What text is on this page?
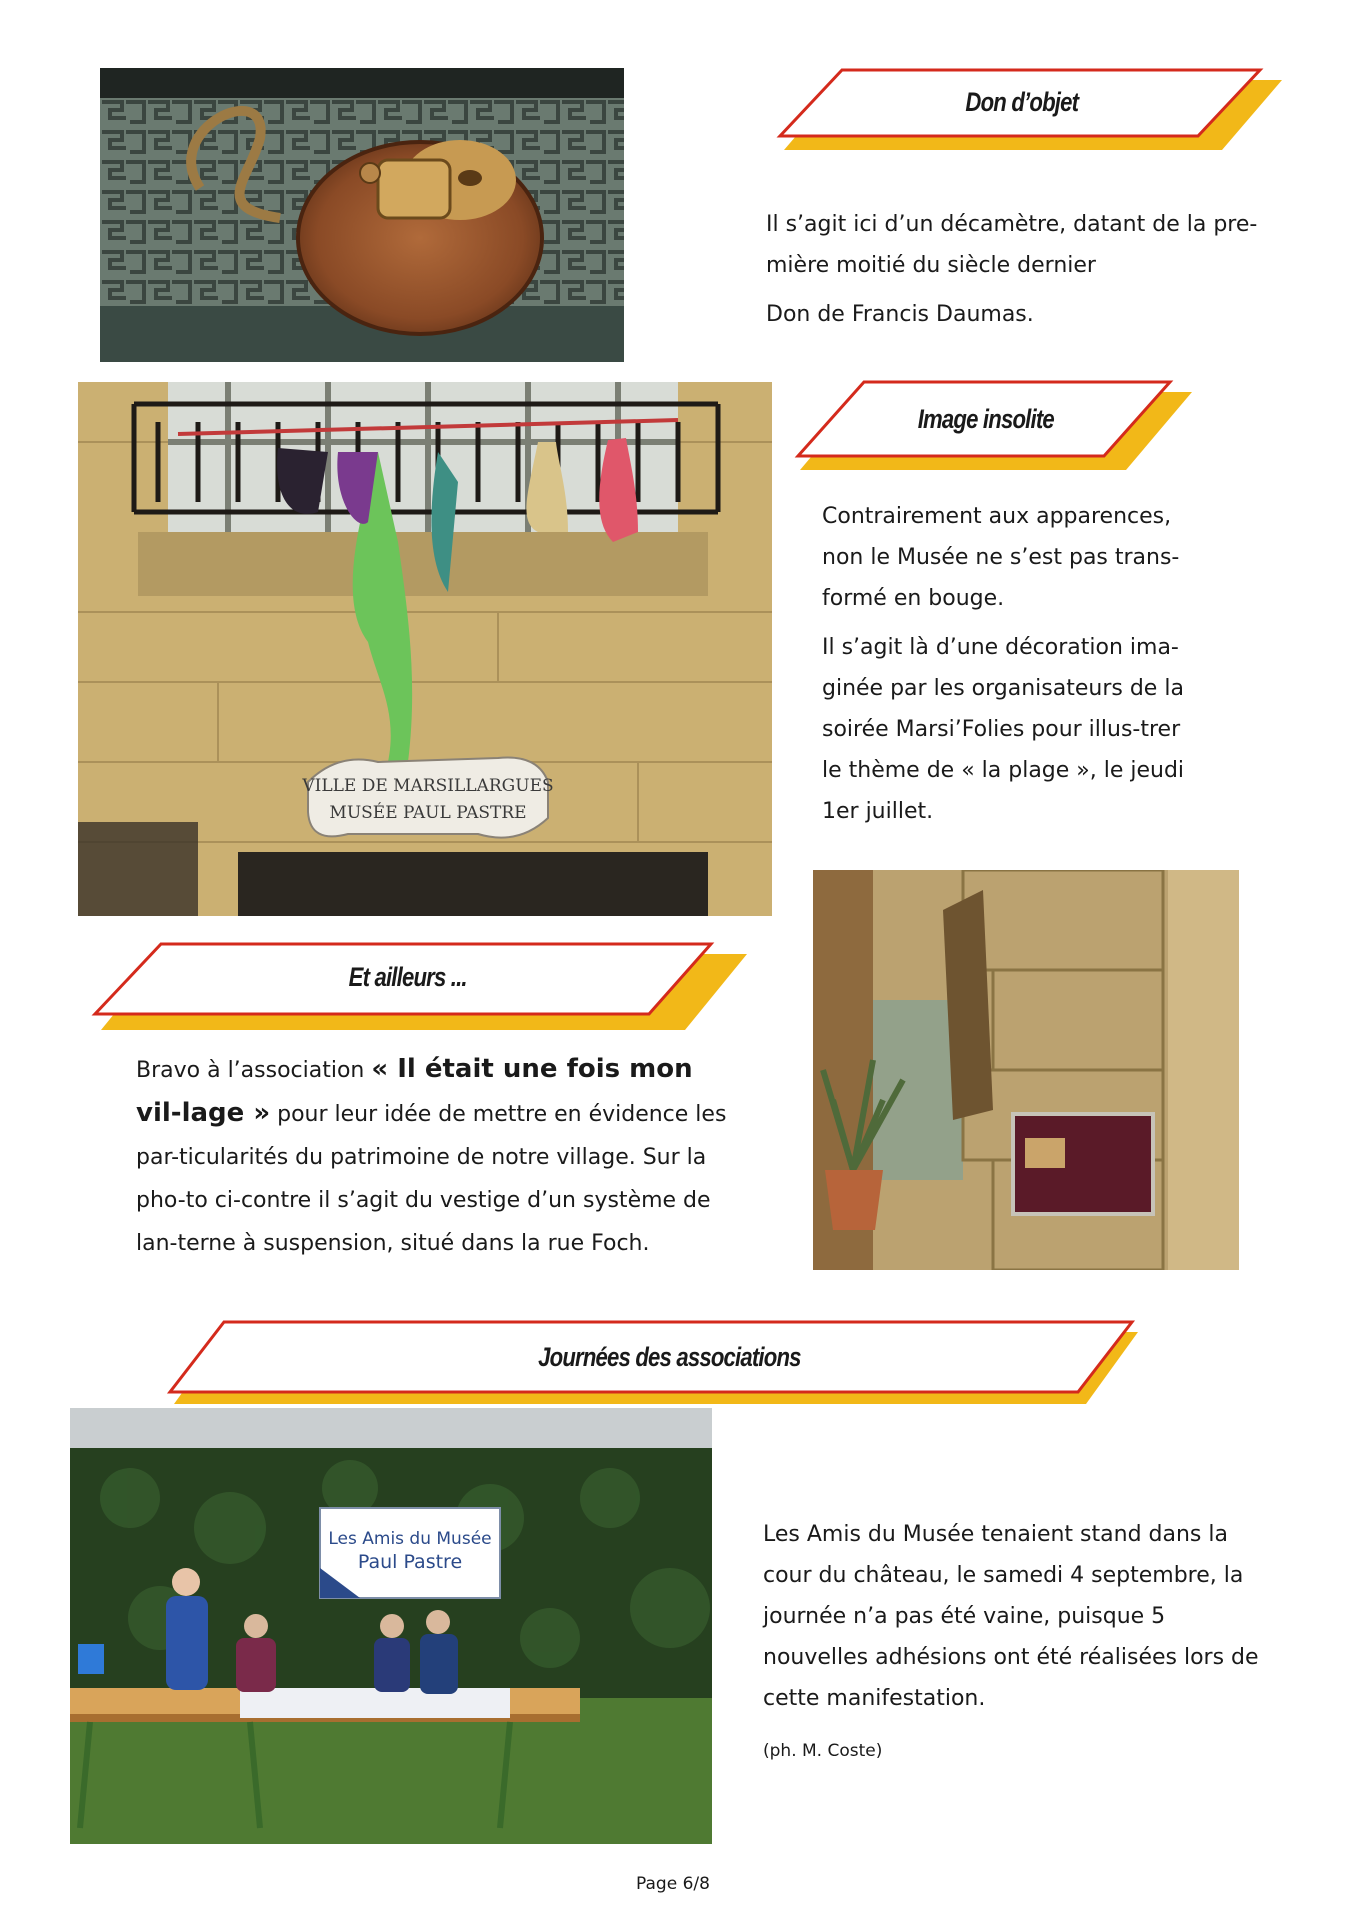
Don d’objet

Il s’agit ici d’un décamètre, datant de la pre-mière moitié du siècle dernier

Don de Francis Daumas.

VILLE DE MARSILLARGUES
MUSÉE PAUL PASTRE
Image insolite

Contrairement aux apparences, non le Musée ne s’est pas trans-formé en bouge.

Il s’agit là d’une décoration ima-ginée par les organisateurs de la soirée Marsi’Folies pour illus-trer le thème de « la plage », le jeudi 1er juillet.

Et ailleurs ...

Bravo à l’association « Il était une fois mon vil-lage » pour leur idée de mettre en évidence les par-ticularités du patrimoine de notre village. Sur la pho-to ci-contre il s’agit du vestige d’un système de lan-terne à suspension, situé dans la rue Foch.

Journées des associations
Les Amis du Musée
Paul Pastre

Les Amis du Musée tenaient stand dans la cour du château, le samedi 4 septembre, la journée n’a pas été vaine, puisque 5 nouvelles adhésions ont été réalisées lors de cette manifestation.

(ph. M. Coste)

Page 6/8
